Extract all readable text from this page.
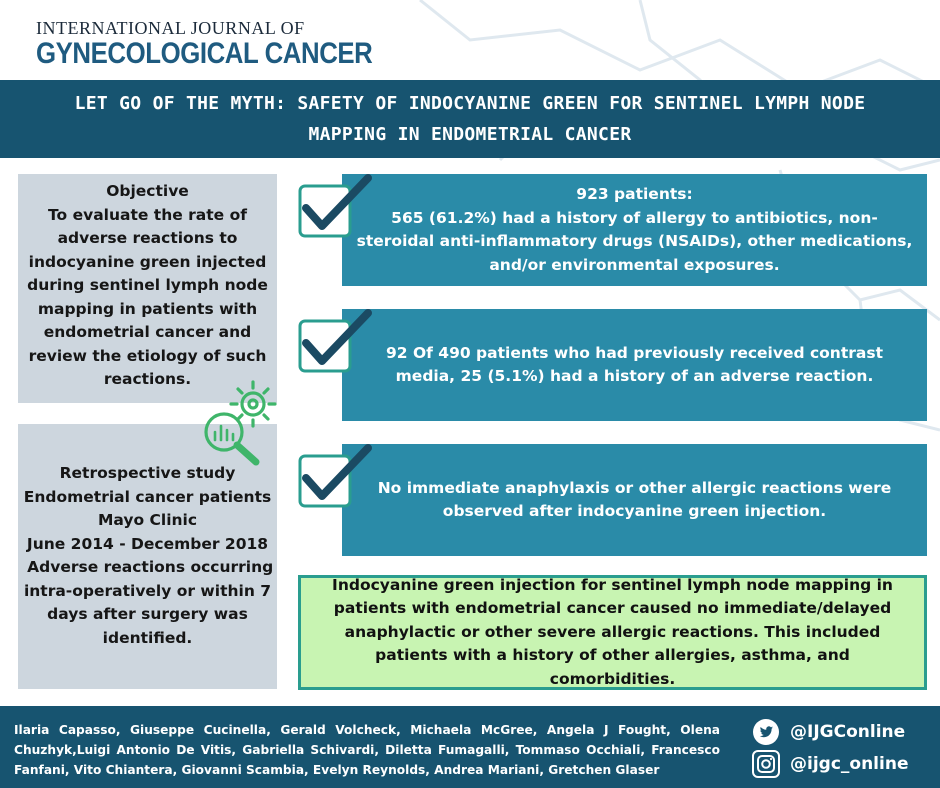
INTERNATIONAL JOURNAL OF
GYNECOLOGICAL CANCER
LET GO OF THE MYTH: SAFETY OF INDOCYANINE GREEN FOR SENTINEL LYMPH NODE MAPPING IN ENDOMETRIAL CANCER
Objective
To evaluate the rate of adverse reactions to indocyanine green injected during sentinel lymph node mapping in patients with endometrial cancer and review the etiology of such reactions.
Retrospective study
Endometrial cancer patients
Mayo Clinic
June 2014 - December 2018
Adverse reactions occurring intra-operatively or within 7 days after surgery was identified.
923 patients:
565 (61.2%) had a history of allergy to antibiotics, non-steroidal anti-inflammatory drugs (NSAIDs), other medications, and/or environmental exposures.
92 Of 490 patients who had previously received contrast media, 25 (5.1%) had a history of an adverse reaction.
No immediate anaphylaxis or other allergic reactions were observed after indocyanine green injection.
Indocyanine green injection for sentinel lymph node mapping in patients with endometrial cancer caused no immediate/delayed anaphylactic or other severe allergic reactions. This included patients with a history of other allergies, asthma, and comorbidities.
Ilaria Capasso, Giuseppe Cucinella, Gerald Volcheck, Michaela McGree, Angela J Fought, Olena Chuzhyk,Luigi Antonio De Vitis, Gabriella Schivardi, Diletta Fumagalli, Tommaso Occhiali, Francesco Fanfani, Vito Chiantera, Giovanni Scambia, Evelyn Reynolds, Andrea Mariani, Gretchen Glaser
@IJGConline
@ijgc_online
